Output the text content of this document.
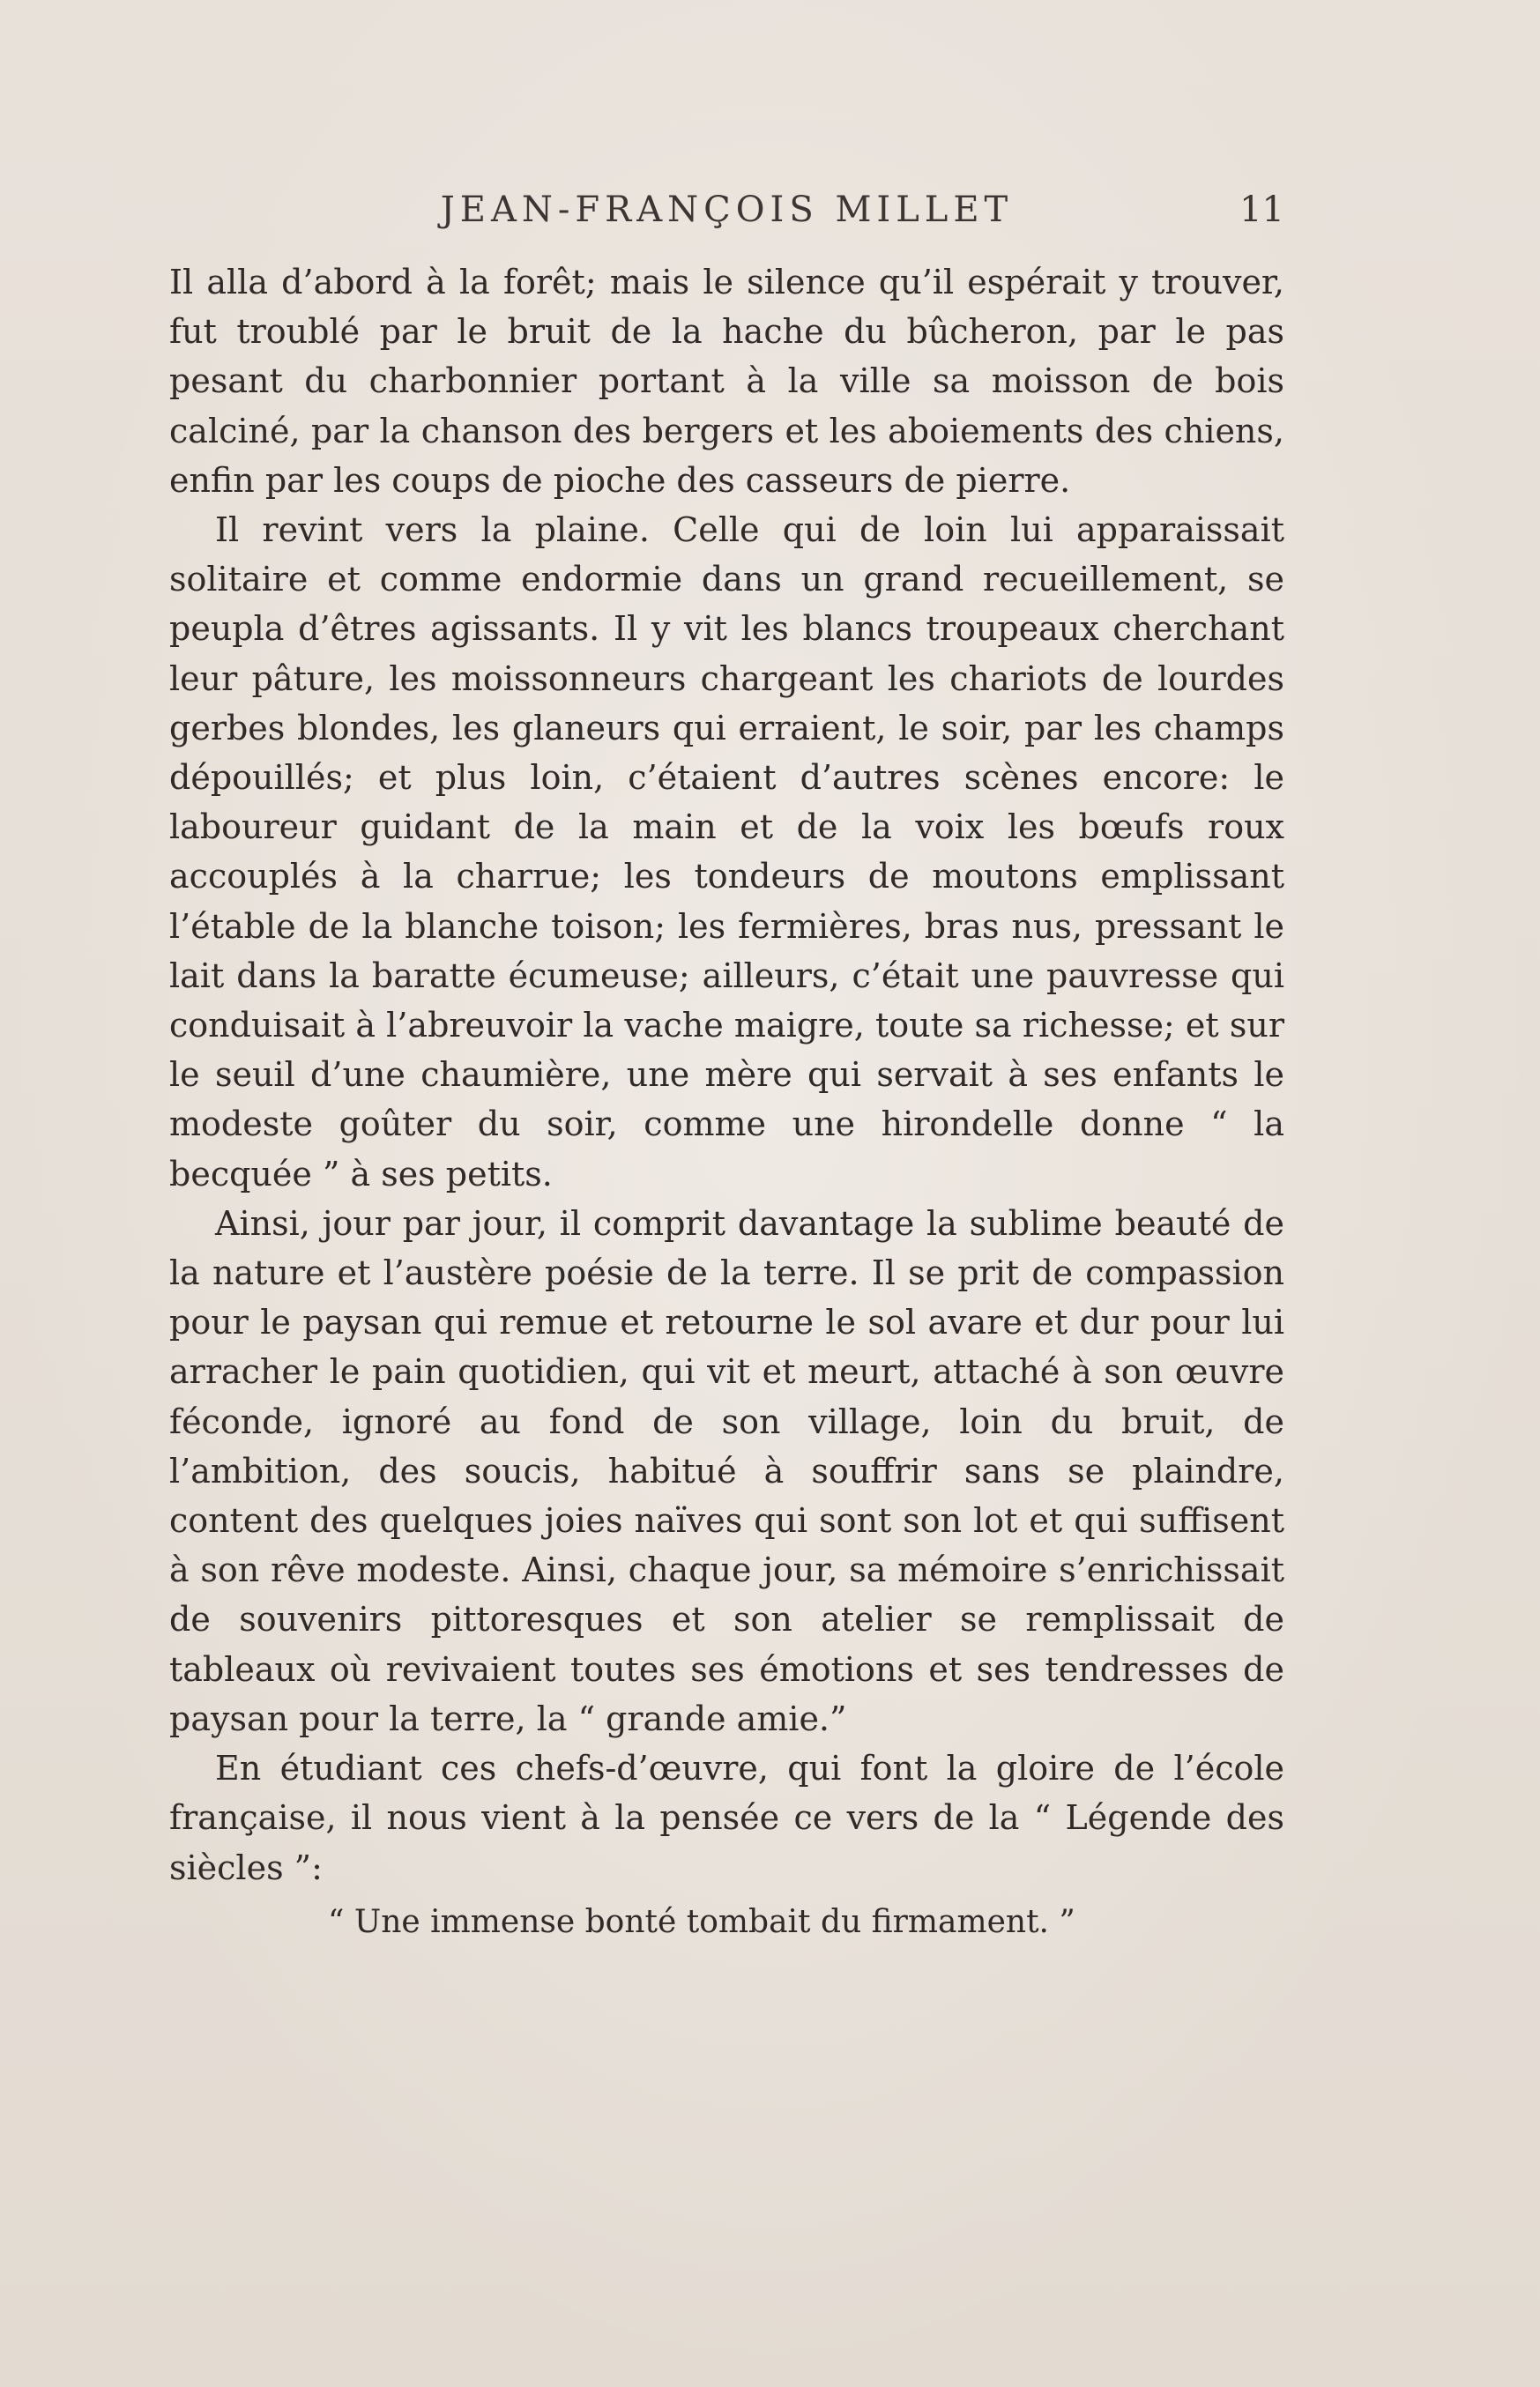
JEAN-FRANÇOIS MILLET	11

Il alla d’abord à la forêt; mais le silence qu’il espérait y trouver, fut troublé par le bruit de la hache du bûcheron, par le pas pesant du charbonnier portant à la ville sa moisson de bois calciné, par la chanson des bergers et les aboiements des chiens, enfin par les coups de pioche des casseurs de pierre.

Il revint vers la plaine. Celle qui de loin lui apparaissait solitaire et comme endormie dans un grand recueillement, se peupla d’êtres agissants. Il y vit les blancs troupeaux cherchant leur pâture, les moissonneurs chargeant les chariots de lourdes gerbes blondes, les glaneurs qui erraient, le soir, par les champs dépouillés; et plus loin, c’étaient d’autres scènes encore: le laboureur guidant de la main et de la voix les bœufs roux accouplés à la charrue; les tondeurs de moutons emplissant l’étable de la blanche toison; les fermières, bras nus, pressant le lait dans la baratte écumeuse; ailleurs, c’était une pauvresse qui conduisait à l’abreuvoir la vache maigre, toute sa richesse; et sur le seuil d’une chaumière, une mère qui servait à ses enfants le modeste goûter du soir, comme une hirondelle donne “ la becquée ” à ses petits.

Ainsi, jour par jour, il comprit davantage la sublime beauté de la nature et l’austère poésie de la terre. Il se prit de compassion pour le paysan qui remue et retourne le sol avare et dur pour lui arracher le pain quotidien, qui vit et meurt, attaché à son œuvre féconde, ignoré au fond de son village, loin du bruit, de l’ambition, des soucis, habitué à souffrir sans se plaindre, content des quelques joies naïves qui sont son lot et qui suffisent à son rêve modeste. Ainsi, chaque jour, sa mémoire s’enrichissait de souvenirs pittoresques et son atelier se remplissait de tableaux où revivaient toutes ses émotions et ses tendresses de paysan pour la terre, la “ grande amie.”

En étudiant ces chefs-d’œuvre, qui font la gloire de l’école française, il nous vient à la pensée ce vers de la “ Légende des siècles ”:

“ Une immense bonté tombait du firmament. ”
